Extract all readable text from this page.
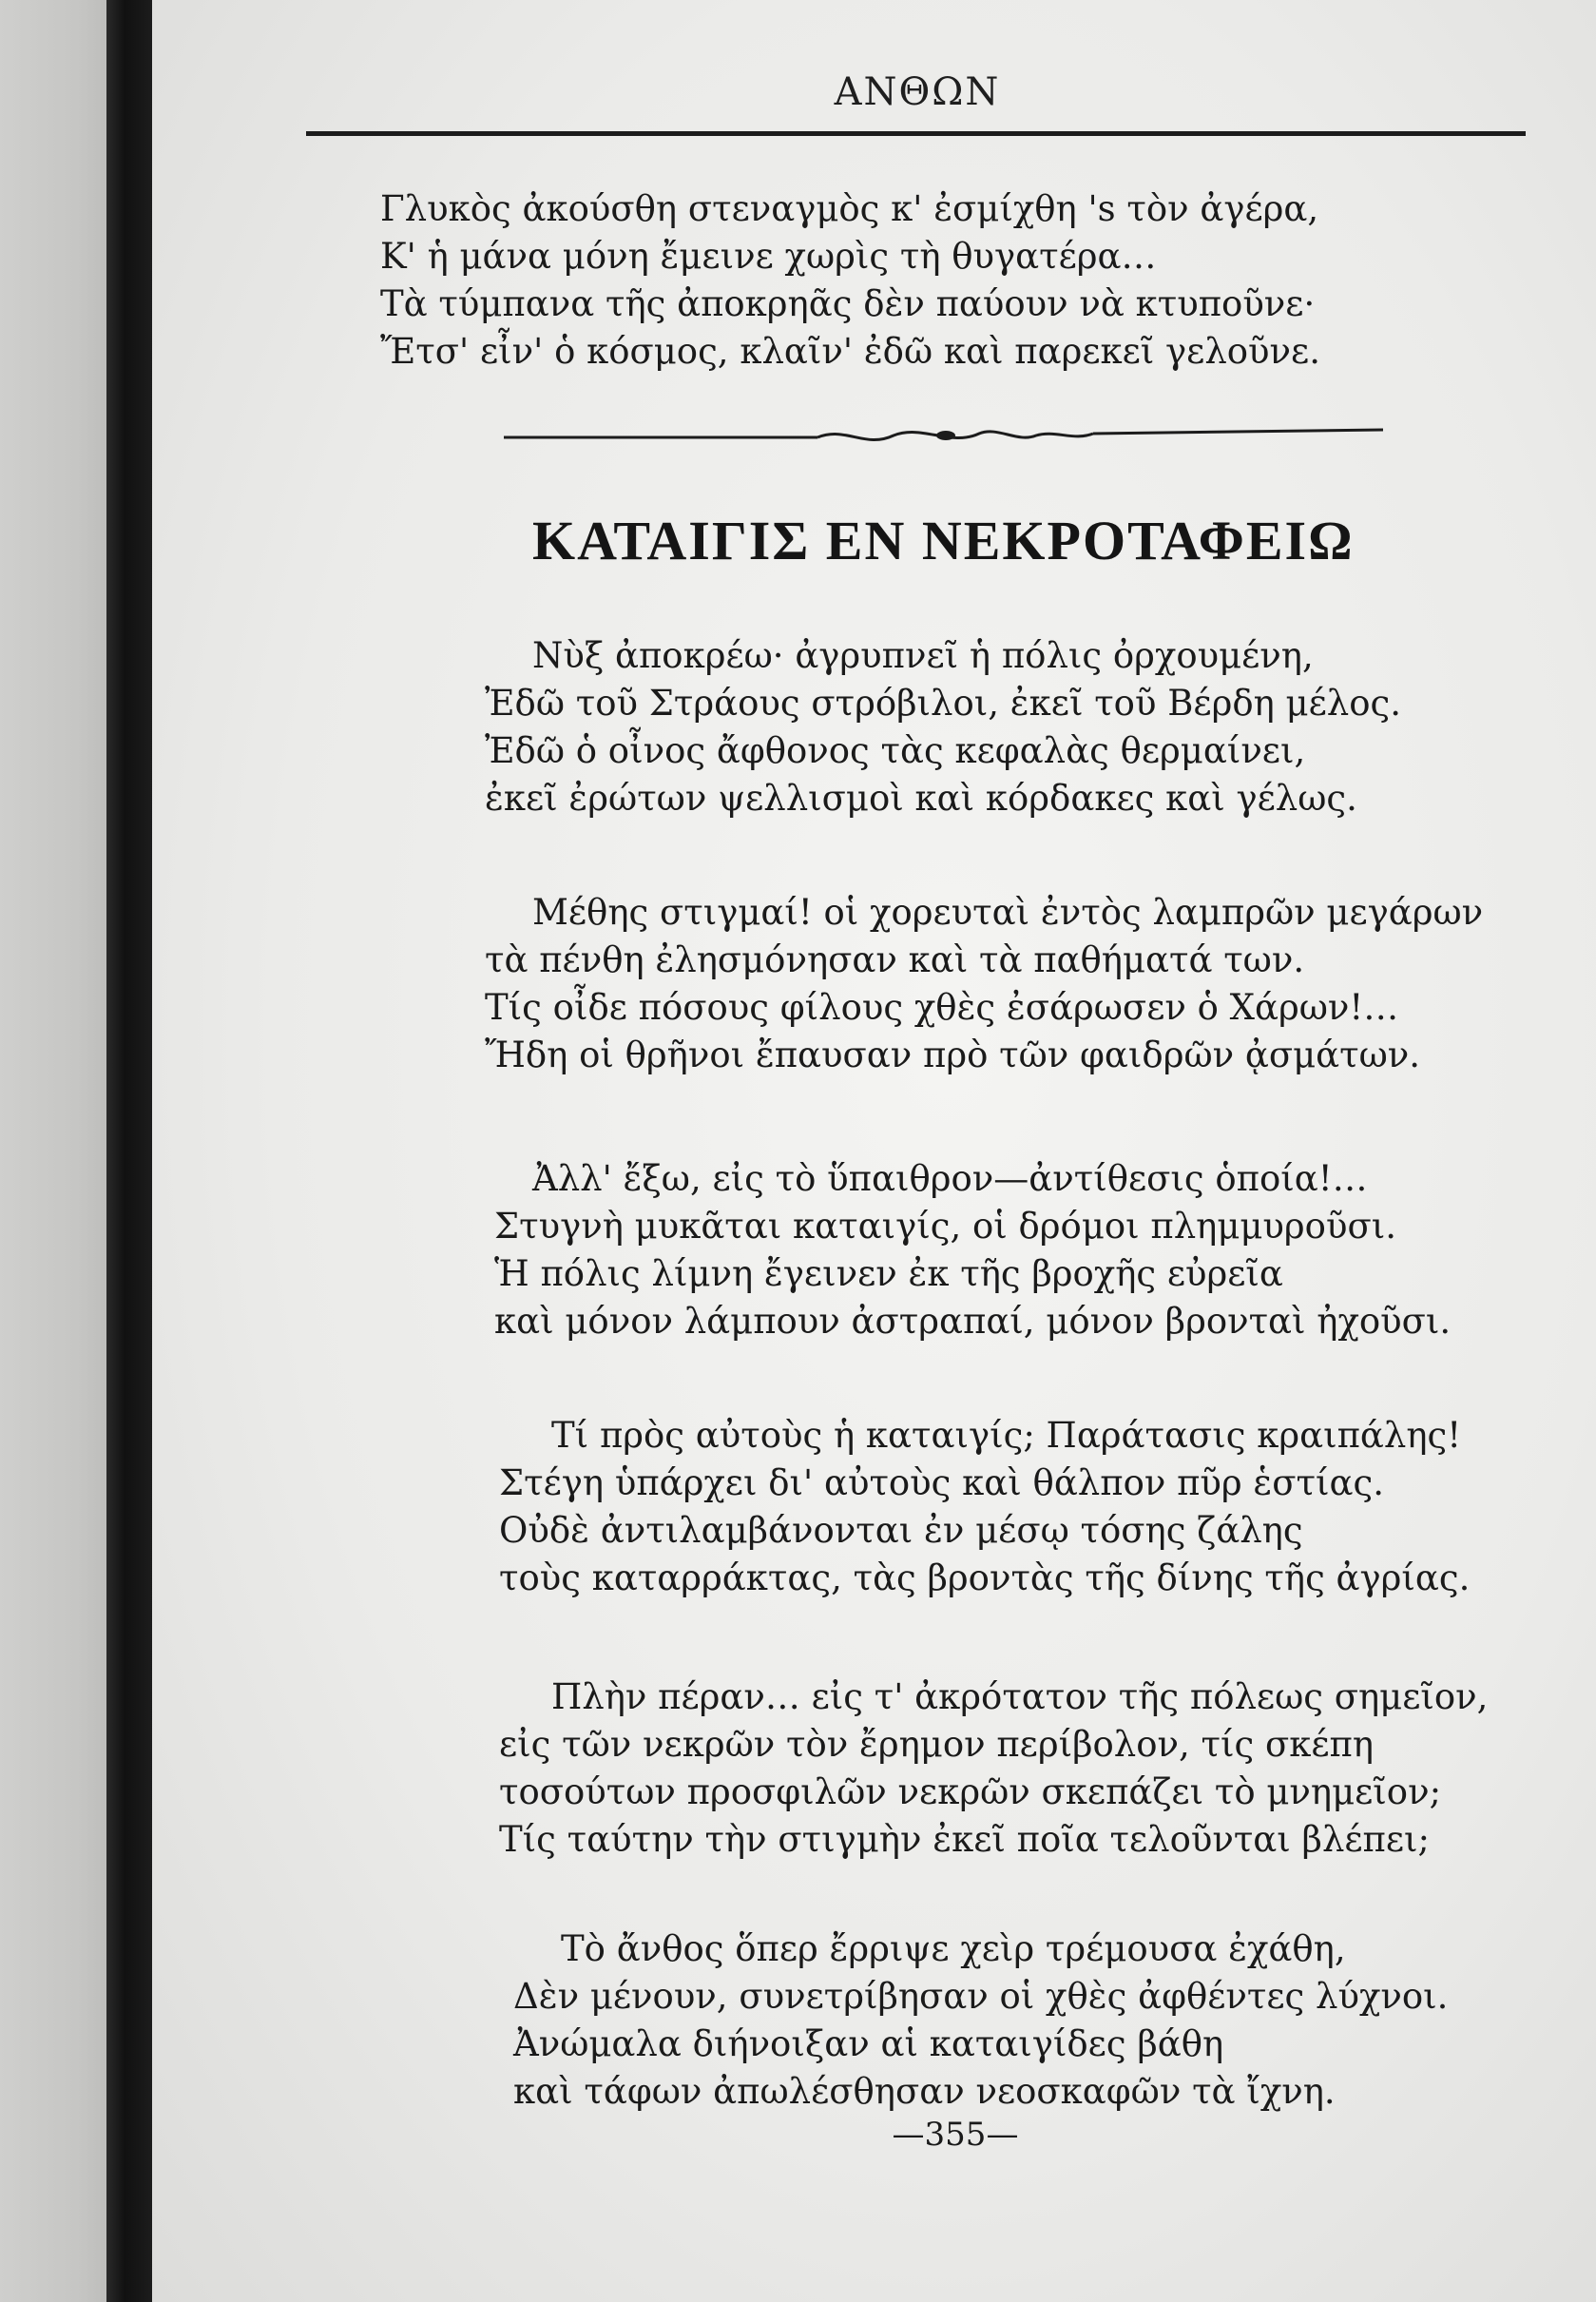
ΑΝΘΩΝ
Γλυκὸς ἀκούσθη στεναγμὸς κ' ἐσμίχθη 's τὸν ἀγέρα,
Κ' ἡ μάνα μόνη ἔμεινε χωρὶς τὴ θυγατέρα…
Τὰ τύμπανα τῆς ἀποκρηᾶς δὲν παύουν νὰ κτυποῦνε·
Ἔτσ' εἶν' ὁ κόσμος, κλαῖν' ἐδῶ καὶ παρεκεῖ γελοῦνε.
ΚΑΤΑΙΓΙΣ ΕΝ ΝΕΚΡΟΤΑΦΕΙΩ
Νὺξ ἀποκρέω· ἀγρυπνεῖ ἡ πόλις ὀρχουμένη,
Ἐδῶ τοῦ Στράους στρόβιλοι, ἐκεῖ τοῦ Βέρδη μέλος.
Ἐδῶ ὁ οἶνος ἄφθονος τὰς κεφαλὰς θερμαίνει,
ἐκεῖ ἐρώτων ψελλισμοὶ καὶ κόρδακες καὶ γέλως.
Μέθης στιγμαί! οἱ χορευταὶ ἐντὸς λαμπρῶν μεγάρων
τὰ πένθη ἐλησμόνησαν καὶ τὰ παθήματά των.
Τίς οἶδε πόσους φίλους χθὲς ἐσάρωσεν ὁ Χάρων!…
Ἤδη οἱ θρῆνοι ἔπαυσαν πρὸ τῶν φαιδρῶν ᾀσμάτων.
Ἀλλ' ἔξω, εἰς τὸ ὕπαιθρον—ἀντίθεσις ὁποία!…
Στυγνὴ μυκᾶται καταιγίς, οἱ δρόμοι πλημμυροῦσι.
Ἡ πόλις λίμνη ἔγεινεν ἐκ τῆς βροχῆς εὐρεῖα
καὶ μόνον λάμπουν ἀστραπαί, μόνον βρονταὶ ἠχοῦσι.
Τί πρὸς αὐτοὺς ἡ καταιγίς; Παράτασις κραιπάλης!
Στέγη ὑπάρχει δι' αὐτοὺς καὶ θάλπον πῦρ ἑστίας.
Οὐδὲ ἀντιλαμβάνονται ἐν μέσῳ τόσης ζάλης
τοὺς καταρράκτας, τὰς βροντὰς τῆς δίνης τῆς ἀγρίας.
Πλὴν πέραν… εἰς τ' ἀκρότατον τῆς πόλεως σημεῖον,
εἰς τῶν νεκρῶν τὸν ἔρημον περίβολον, τίς σκέπη
τοσούτων προσφιλῶν νεκρῶν σκεπάζει τὸ μνημεῖον;
Τίς ταύτην τὴν στιγμὴν ἐκεῖ ποῖα τελοῦνται βλέπει;
Τὸ ἄνθος ὅπερ ἔρριψε χεὶρ τρέμουσα ἐχάθη,
Δὲν μένουν, συνετρίβησαν οἱ χθὲς ἀφθέντες λύχνοι.
Ἀνώμαλα διήνοιξαν αἱ καταιγίδες βάθη
καὶ τάφων ἀπωλέσθησαν νεοσκαφῶν τὰ ἴχνη.
—355—
